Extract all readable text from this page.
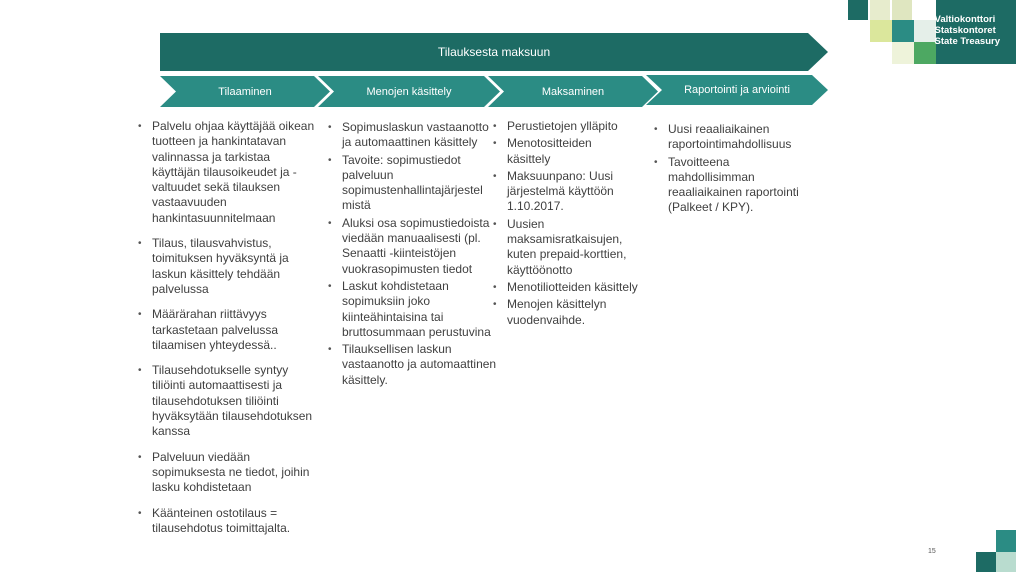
Valtiokonttori
Statskontoret
State Treasury
Tilauksesta maksuun
Tilaaminen	Menojen käsittely	Maksaminen	Raportointi ja arviointi
• Palvelu ohjaa käyttäjää oikean tuotteen ja hankintatavan valinnassa ja tarkistaa käyttäjän tilausoikeudet ja -valtuudet sekä tilauksen vastaavuuden hankintasuunnitelmaan
• Tilaus, tilausvahvistus, toimituksen hyväksyntä ja laskun käsittely tehdään palvelussa
• Määrärahan riittävyys tarkastetaan palvelussa tilaamisen yhteydessä..
• Tilausehdotukselle syntyy tiliöinti automaattisesti ja tilausehdotuksen tiliöinti hyväksytään tilausehdotuksen kanssa
• Palveluun viedään sopimuksesta ne tiedot, joihin lasku kohdistetaan
• Käänteinen ostotilaus = tilausehdotus toimittajalta.
• Sopimuslaskun vastaanotto ja automaattinen käsittely
• Tavoite: sopimustiedot palveluun sopimustenhallintajärjestel mistä
• Aluksi osa sopimustiedoista viedään manuaalisesti (pl. Senaatti -kiinteistöjen vuokrasopimusten tiedot
• Laskut kohdistetaan sopimuksiin joko kiinteähintaisina tai bruttosummaan perustuvina
• Tilauksellisen laskun vastaanotto ja automaattinen käsittely.
• Perustietojen ylläpito
• Menotositteiden käsittely
• Maksuunpano: Uusi järjestelmä käyttöön 1.10.2017.
• Uusien maksamisratkaisujen, kuten prepaid-korttien, käyttöönotto
• Menotiliotteiden käsittely
• Menojen käsittelyn vuodenvaihde.
• Uusi reaaliaikainen raportointimahdollisuus
• Tavoitteena mahdollisimman reaaliaikainen raportointi (Palkeet / KPY).
15
